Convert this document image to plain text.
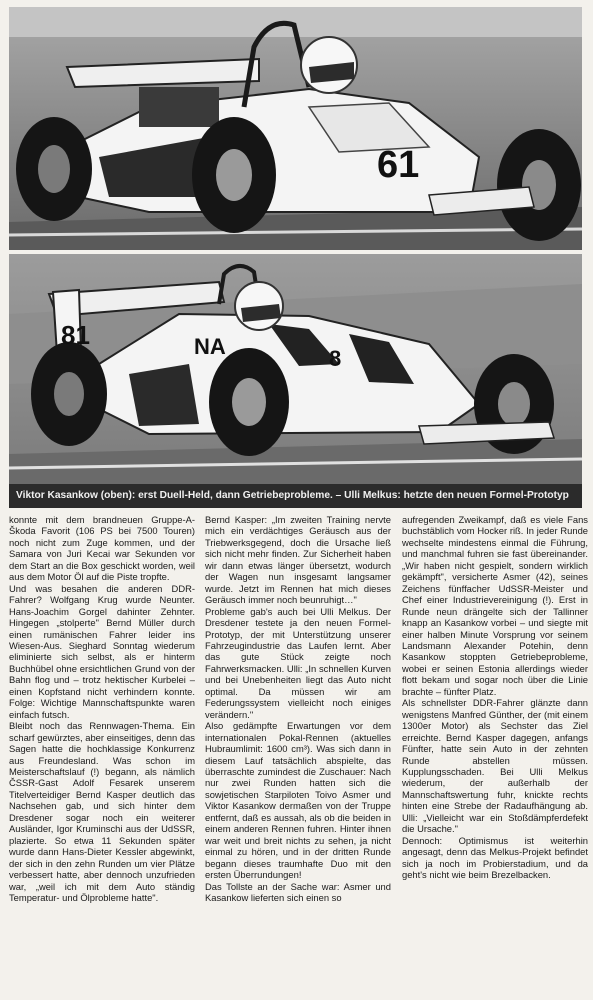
61
81
8
NA
Viktor Kasankow (oben): erst Duell-Held, dann Getriebeprobleme. – Ulli Melkus: hetzte den neuen Formel-Prototyp

konnte mit dem brandneuen Gruppe-A-Škoda Favorit (106 PS bei 7500 Touren) noch nicht zum Zuge kommen, und der Samara von Juri Kecai war Sekunden vor dem Start an die Box geschickt worden, weil aus dem Motor Öl auf die Piste tropfte.

Und was besahen die anderen DDR-Fahrer? Wolfgang Krug wurde Neunter. Hans-Joachim Gorgel dahinter Zehnter. Hingegen „stolperte" Bernd Müller durch einen rumänischen Fahrer leider ins Wiesen-Aus. Sieghard Sonntag wiederum eliminierte sich selbst, als er hinterm Buchhübel ohne ersichtlichen Grund von der Bahn flog und – trotz hektischer Kurbelei – einen Kopfstand nicht verhindern konnte. Folge: Wichtige Mannschaftspunkte waren einfach futsch.

Bleibt noch das Rennwagen-Thema. Ein scharf gewürztes, aber einseitiges, denn das Sagen hatte die hochklassige Konkurrenz aus Freundesland. Was schon im Meisterschaftslauf (!) begann, als nämlich ČSSR-Gast Adolf Fesarek unserem Titelverteidiger Bernd Kasper deutlich das Nachsehen gab, und sich hinter dem Dresdener sogar noch ein weiterer Ausländer, Igor Kruminschi aus der UdSSR, plazierte. So etwa 11 Sekunden später wurde dann Hans-Dieter Kessler abgewinkt, der sich in den zehn Runden um vier Plätze verbessert hatte, aber dennoch unzufrieden war, „weil ich mit dem Auto ständig Temperatur- und Ölprobleme hatte".

Bernd Kasper: „Im zweiten Training nervte mich ein verdächtiges Geräusch aus der Triebwerksgegend, doch die Ursache ließ sich nicht mehr finden. Zur Sicherheit haben wir dann etwas länger übersetzt, wodurch der Wagen nun insgesamt langsamer wurde. Jetzt im Rennen hat mich dieses Geräusch immer noch beunruhigt…"

Probleme gab's auch bei Ulli Melkus. Der Dresdener testete ja den neuen Formel-Prototyp, der mit Unterstützung unserer Fahrzeugindustrie das Laufen lernt. Aber das gute Stück zeigte noch Fahrwerksmacken. Ulli: „In schnellen Kurven und bei Unebenheiten liegt das Auto nicht optimal. Da müssen wir am Federungssystem vielleicht noch einiges verändern."

Also gedämpfte Erwartungen vor dem internationalen Pokal-Rennen (aktuelles Hubraumlimit: 1600 cm³). Was sich dann in diesem Lauf tatsächlich abspielte, das überraschte zumindest die Zuschauer: Nach nur zwei Runden hatten sich die sowjetischen Starpiloten Toivo Asmer und Viktor Kasankow dermaßen von der Truppe entfernt, daß es aussah, als ob die beiden in einem anderen Rennen fuhren. Hinter ihnen war weit und breit nichts zu sehen, ja nicht einmal zu hören, und in der dritten Runde begann dieses traumhafte Duo mit den ersten Überrundungen!

Das Tollste an der Sache war: Asmer und Kasankow lieferten sich einen so

aufregenden Zweikampf, daß es viele Fans buchstäblich vom Hocker riß. In jeder Runde wechselte mindestens einmal die Führung, und manchmal fuhren sie fast übereinander. „Wir haben nicht gespielt, sondern wirklich gekämpft", versicherte Asmer (42), seines Zeichens fünffacher UdSSR-Meister und Chef einer Industrievereinigung (!). Erst in Runde neun drängelte sich der Tallinner knapp an Kasankow vorbei – und siegte mit einer halben Minute Vorsprung vor seinem Landsmann Alexander Potehin, denn Kasankow stoppten Getriebeprobleme, wobei er seinen Estonia allerdings wieder flott bekam und sogar noch über die Linie brachte – fünfter Platz.

Als schnellster DDR-Fahrer glänzte dann wenigstens Manfred Günther, der (mit einem 1300er Motor) als Sechster das Ziel erreichte. Bernd Kasper dagegen, anfangs Fünfter, hatte sein Auto in der zehnten Runde abstellen müssen. Kupplungsschaden. Bei Ulli Melkus wiederum, der außerhalb der Mannschaftswertung fuhr, knickte rechts hinten eine Strebe der Radaufhängung ab. Ulli: „Vielleicht war ein Stoßdämpferdefekt die Ursache."

Dennoch: Optimismus ist weiterhin angesagt, denn das Melkus-Projekt befindet sich ja noch im Probierstadium, und da geht's nicht wie beim Brezelbacken.
